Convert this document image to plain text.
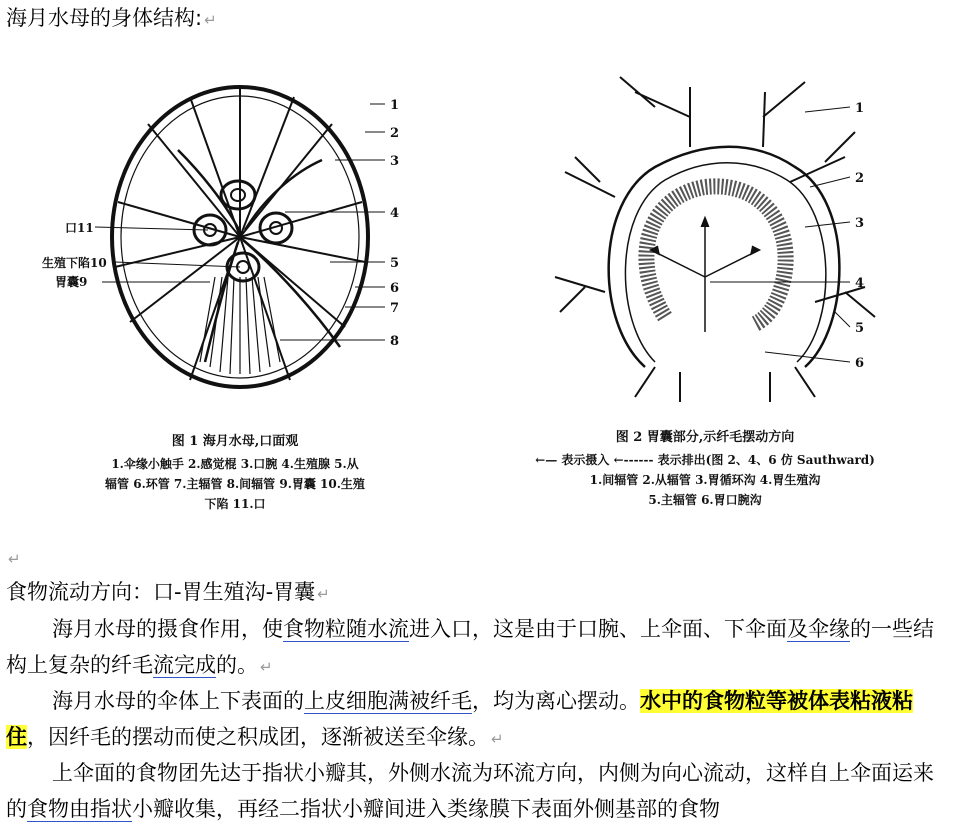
海月水母的身体结构: ↵
1
2
3
4
5
6
7
8
口11
生殖下陷10
胃囊9
图 1 海月水母,口面观
1.伞缘小触手 2.感觉棍 3.口腕 4.生殖腺 5.从
辐管 6.环管 7.主辐管 8.间辐管 9.胃囊 10.生殖
下陷 11.口
1
2
3
4
5
6
图 2 胃囊部分,示纤毛摆动方向
←— 表示摄入 ←------ 表示排出(图 2、4、6 仿 Sauthward)
1.间辐管 2.从辐管 3.胃循环沟 4.胃生殖沟
5.主辐管 6.胃口腕沟
↵
食物流动方向：口-胃生殖沟-胃囊 ↵
海月水母的摄食作用，使食物粒随水流进入口，这是由于口腕、上伞面、下伞面及伞缘的一些结构上复杂的纤毛流完成的。 ↵
海月水母的伞体上下表面的上皮细胞满被纤毛，均为离心摆动。水中的食物粒等被体表粘液粘住，因纤毛的摆动而使之积成团，逐渐被送至伞缘。 ↵
上伞面的食物团先达于指状小瓣其，外侧水流为环流方向，内侧为向心流动，这样自上伞面运来的食物由指状小瓣收集，再经二指状小瓣间进入类缘膜下表面外侧基部的食物
